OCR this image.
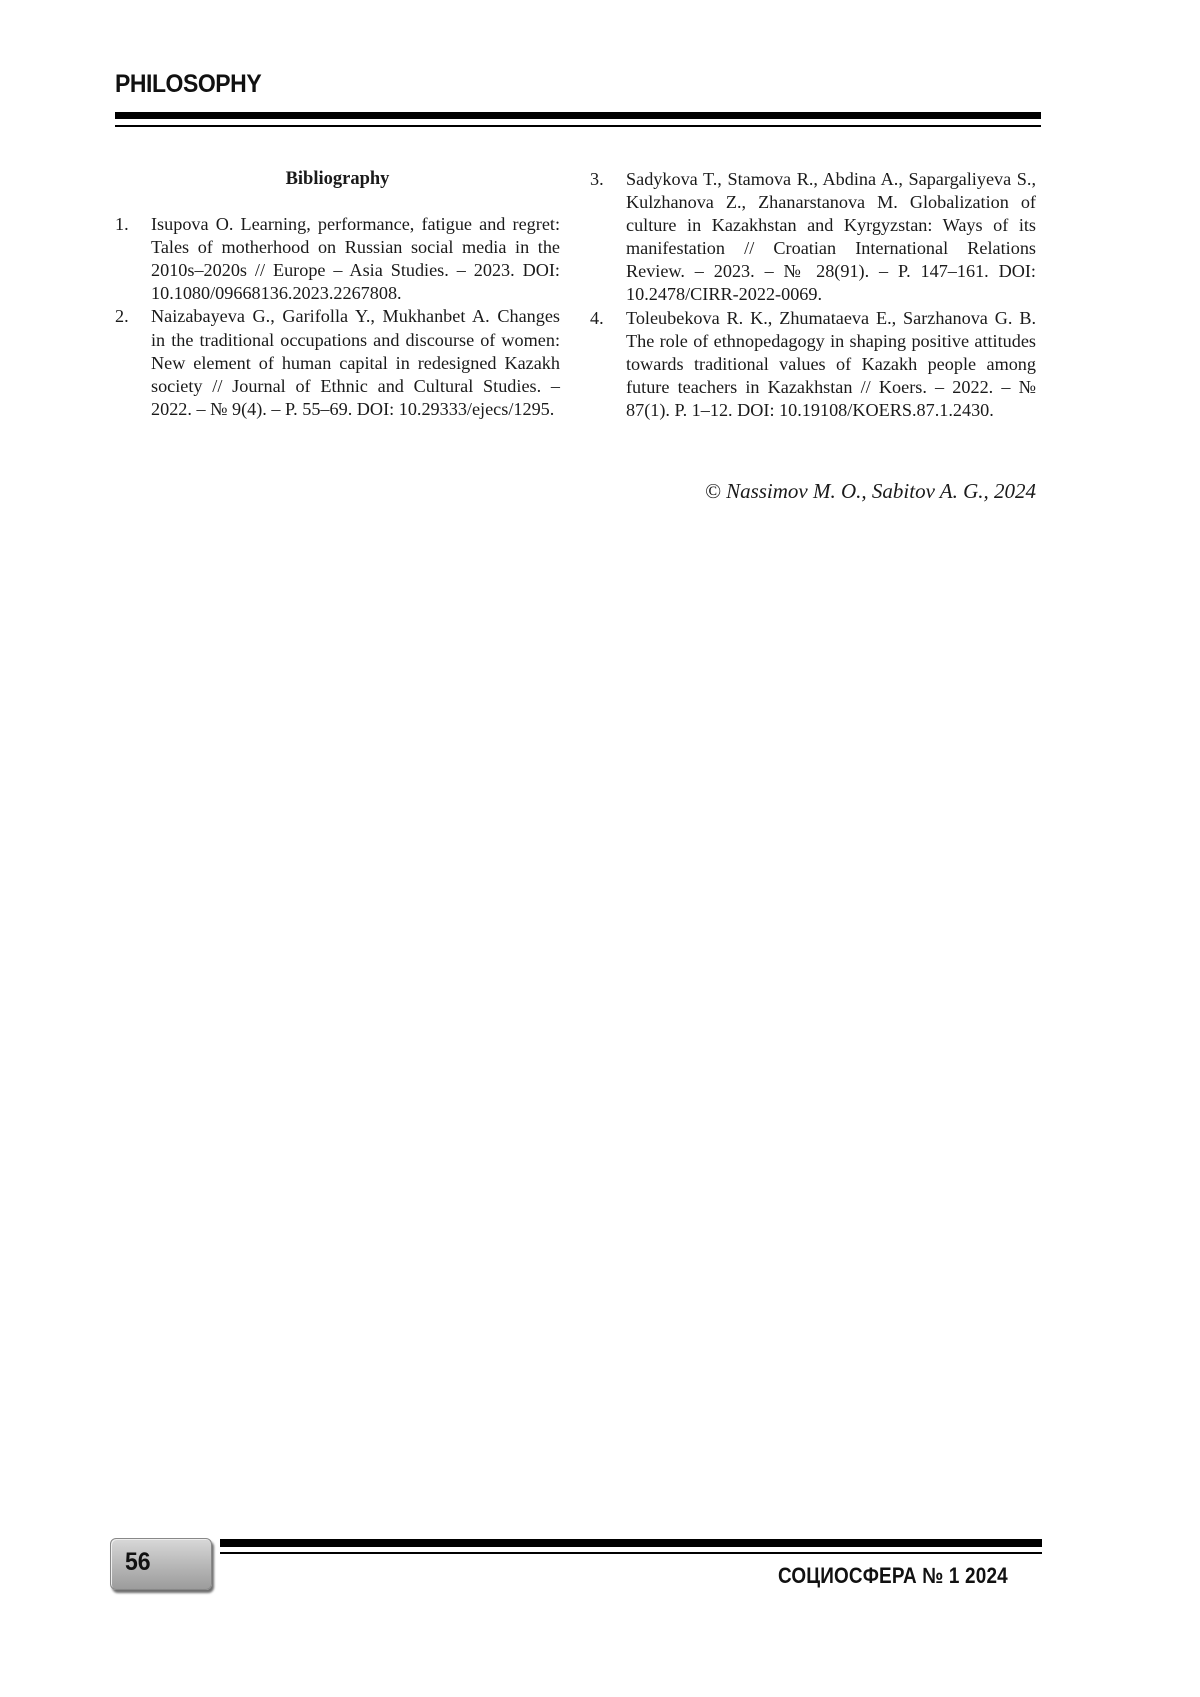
PHILOSOPHY
Bibliography
1. Isupova O. Learning, performance, fatigue and regret: Tales of motherhood on Russian social media in the 2010s–2020s // Europe – Asia Studies. – 2023. DOI: 10.1080/09668136.2023.2267808.
2. Naizabayeva G., Garifolla Y., Mukhanbet A. Changes in the traditional occupations and discourse of women: New element of human capital in redesigned Kazakh society // Journal of Ethnic and Cultural Studies. – 2022. – № 9(4). – P. 55–69. DOI: 10.29333/ejecs/1295.
3. Sadykova T., Stamova R., Abdina A., Sapargaliyeva S., Kulzhanova Z., Zhanarstanova M. Globalization of culture in Kazakhstan and Kyrgyzstan: Ways of its manifestation // Croatian International Relations Review. – 2023. – № 28(91). – P. 147–161. DOI: 10.2478/CIRR-2022-0069.
4. Toleubekova R. K., Zhumataeva E., Sarzhanova G. B. The role of ethnopedagogy in shaping positive attitudes towards traditional values of Kazakh people among future teachers in Kazakhstan // Koers. – 2022. – № 87(1). P. 1–12. DOI: 10.19108/KOERS.87.1.2430.
© Nassimov M. O., Sabitov A. G., 2024
56	СОЦИОСФЕРА № 1 2024
